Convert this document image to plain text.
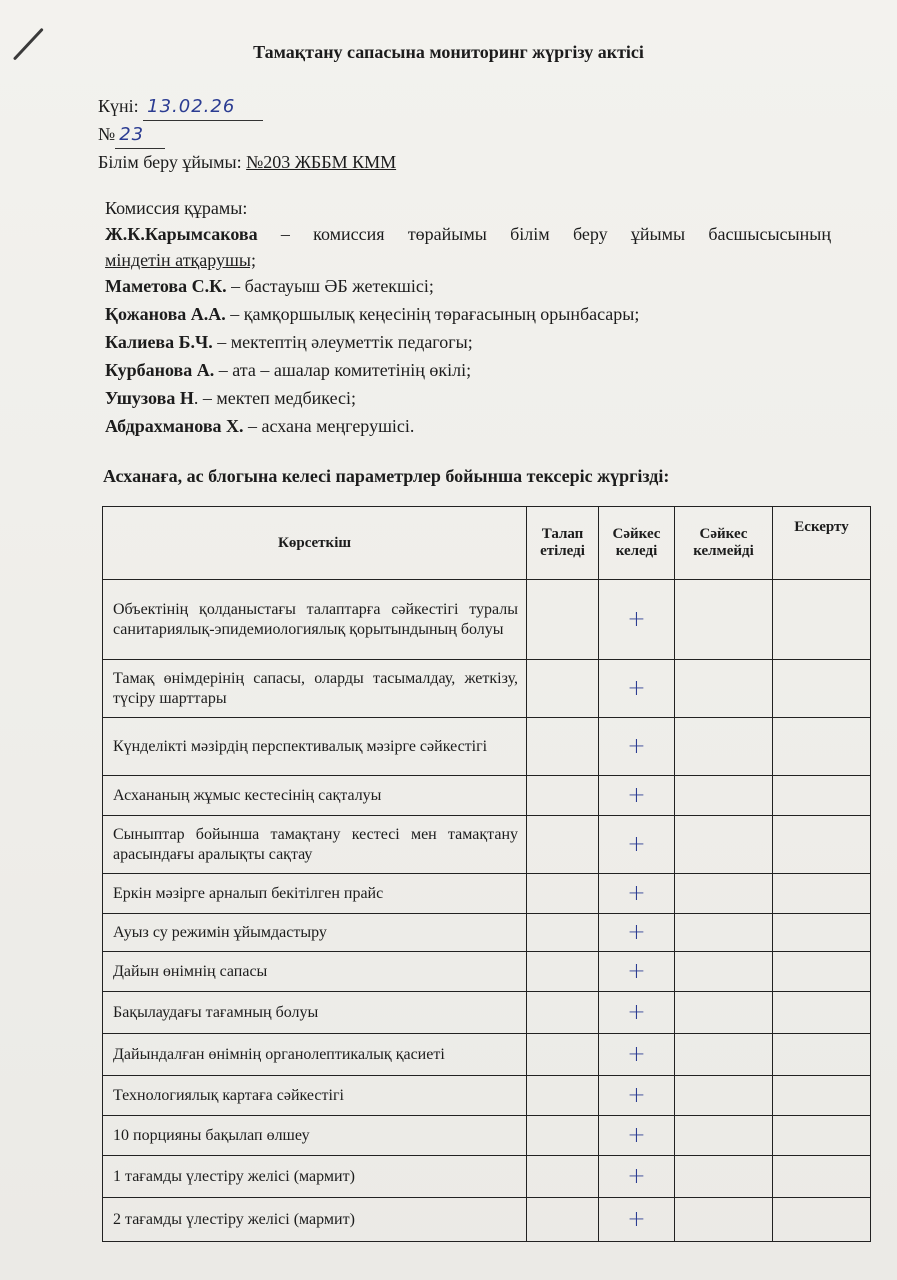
Тамақтану сапасына мониторинг жүргізу актісі
Күні: 13.02.26
№ 23
Білім беру ұйымы: №203 ЖББМ КММ
Комиссия құрамы:
Ж.К.Карымсакова – комиссия төрайымы білім беру ұйымы басшысысының
міндетін атқарушы;
Маметова С.К. – бастауыш ӘБ жетекшісі;
Қожанова А.А. – қамқоршылық кеңесінің төрағасының орынбасары;
Калиева Б.Ч. – мектептің әлеуметтік педагогы;
Курбанова А. – ата – ашалар комитетінің өкілі;
Ушузова Н. – мектеп медбикесі;
Абдрахманова Х. – асхана меңгерушісі.
Асханаға, ас блогына келесі параметрлер бойынша тексеріс жүргізді:
Көрсеткіш	Талап етіледі	Сәйкес келеді	Сәйкес келмейді	Ескерту
Объектінің қолданыстағы талаптарға сәйкестігі туралы санитариялық-эпидемиологиялық қорытындының болуы		+		
Тамақ өнімдерінің сапасы, оларды тасымалдау, жеткізу, түсіру шарттары		+		
Күнделікті мәзірдің перспективалық мәзірге сәйкестігі		+		
Асхананың жұмыс кестесінің сақталуы		+		
Сыныптар бойынша тамақтану кестесі мен тамақтану арасындағы аралықты сақтау		+		
Еркін мәзірге арналып бекітілген прайс		+		
Ауыз су режимін ұйымдастыру		+		
Дайын өнімнің сапасы		+		
Бақылаудағы тағамның болуы		+		
Дайындалған өнімнің органолептикалық қасиеті		+		
Технологиялық картаға сәйкестігі		+		
10 порцияны бақылап өлшеу		+		
1 тағамды үлестіру желісі (мармит)		+		
2 тағамды үлестіру желісі (мармит)		+		
